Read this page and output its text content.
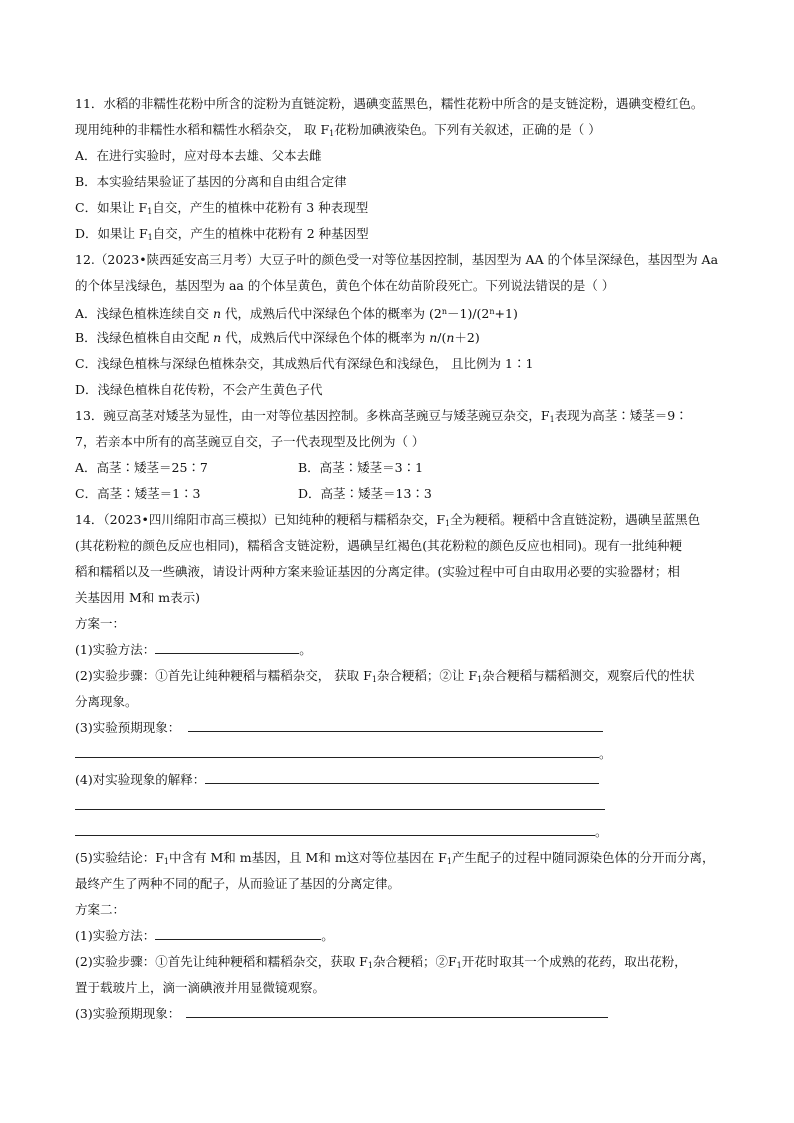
11．水稻的非糯性花粉中所含的淀粉为直链淀粉，遇碘变蓝黑色，糯性花粉中所含的是支链淀粉，遇碘变橙红色。
现用纯种的非糯性水稻和糯性水稻杂交， 取 $F_1$花粉加碘液染色。下列有关叙述，正确的是（ ）
A．在进行实验时，应对母本去雄、父本去雌
B．本实验结果验证了基因的分离和自由组合定律
C．如果让 $F_1$自交，产生的植株中花粉有 3 种表现型
D．如果让 $F_1$自交，产生的植株中花粉有 2 种基因型
12.（2023•陕西延安高三月考）大豆子叶的颜色受一对等位基因控制，基因型为 AA 的个体呈深绿色，基因型为 Aa
的个体呈浅绿色，基因型为 aa 的个体呈黄色，黄色个体在幼苗阶段死亡。下列说法错误的是（ ）
A．浅绿色植株连续自交 n 代，成熟后代中深绿色个体的概率为 $(2^n-1)/(2^n+1)$
B．浅绿色植株自由交配 n 代，成熟后代中深绿色个体的概率为 n/(n＋2)
C．浅绿色植株与深绿色植株杂交，其成熟后代有深绿色和浅绿色， 且比例为 1∶1
D．浅绿色植株自花传粉，不会产生黄色子代
13．豌豆高茎对矮茎为显性，由一对等位基因控制。多株高茎豌豆与矮茎豌豆杂交，$F_1$表现为高茎∶矮茎＝9∶
7，若亲本中所有的高茎豌豆自交，子一代表现型及比例为（ ）
A．高茎∶矮茎＝25∶7	B．高茎∶矮茎＝3∶1
C．高茎∶矮茎＝1∶3	D．高茎∶矮茎＝13∶3
14．（2023•四川绵阳市高三模拟）已知纯种的粳稻与糯稻杂交，$F_1$全为粳稻。粳稻中含直链淀粉，遇碘呈蓝黑色
(其花粉粒的颜色反应也相同)，糯稻含支链淀粉，遇碘呈红褐色(其花粉粒的颜色反应也相同)。现有一批纯种粳
稻和糯稻以及一些碘液，请设计两种方案来验证基因的分离定律。(实验过程中可自由取用必要的实验器材；相
关基因用 M和 m表示)
方案一：
(1)实验方法：	。
(2)实验步骤：①首先让纯种粳稻与糯稻杂交， 获取 $F_1$杂合粳稻；②让 $F_1$杂合粳稻与糯稻测交，观察后代的性状
分离现象。
(3)实验预期现象：
。
(4)对实验现象的解释：
。
(5)实验结论：$F_1$中含有 M和 m基因，且 M和 m这对等位基因在 $F_1$产生配子的过程中随同源染色体的分开而分离，
最终产生了两种不同的配子，从而验证了基因的分离定律。
方案二：
(1)实验方法：	。
(2)实验步骤：①首先让纯种粳稻和糯稻杂交，获取 $F_1$杂合粳稻；$②F_1$开花时取其一个成熟的花药，取出花粉，
置于载玻片上，滴一滴碘液并用显微镜观察。
(3)实验预期现象：
